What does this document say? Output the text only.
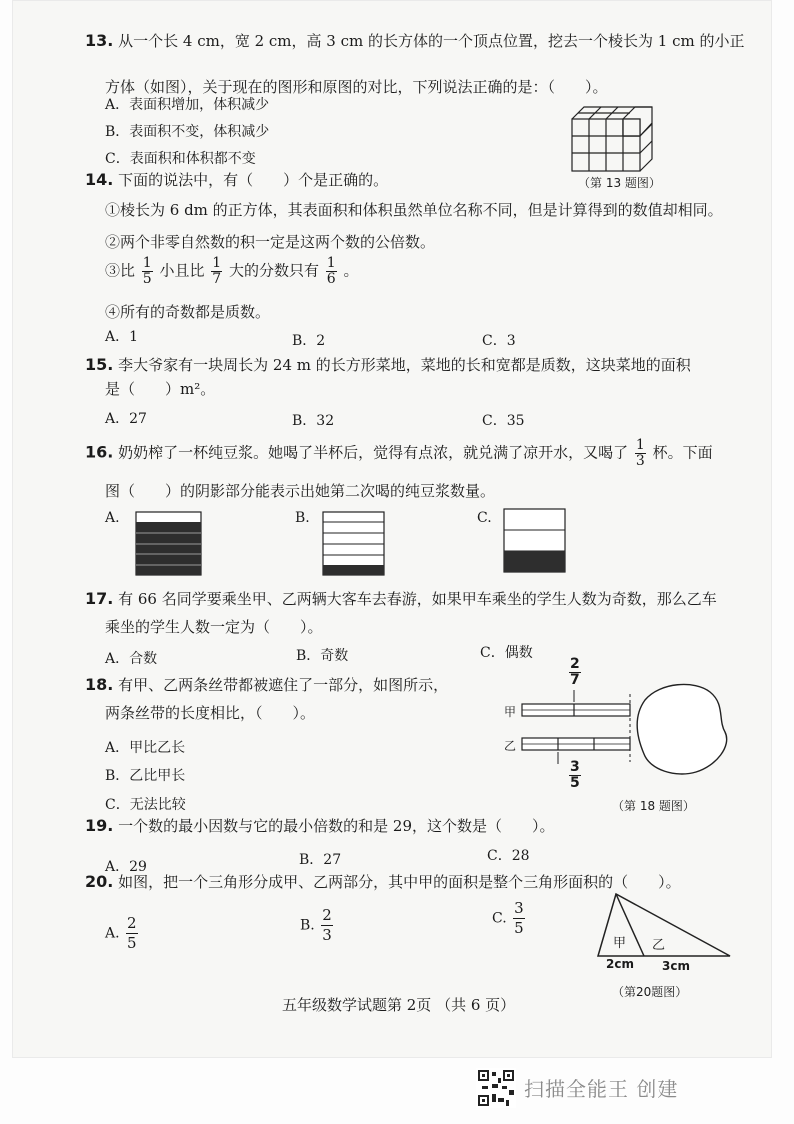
13. 从一个长 4 cm，宽 2 cm，高 3 cm 的长方体的一个顶点位置，挖去一个棱长为 1 cm 的小正
方体（如图），关于现在的图形和原图的对比，下列说法正确的是：（　　）。
A．表面积增加，体积减少
B．表面积不变，体积减少
C．表面积和体积都不变
（第 13 题图）
14. 下面的说法中，有（　　）个是正确的。
①棱长为 6 dm 的正方体，其表面积和体积虽然单位名称不同，但是计算得到的数值却相同。
②两个非零自然数的积一定是这两个数的公倍数。
③比 $\frac{1}{5}$ 小且比 $\frac{1}{7}$ 大的分数只有 $\frac{1}{6}$ 。
④所有的奇数都是质数。
A．1	B．2	C．3
15. 李大爷家有一块周长为 24 m 的长方形菜地，菜地的长和宽都是质数，这块菜地的面积
是（　　）m²。
A．27	B．32	C．35
16. 奶奶榨了一杯纯豆浆。她喝了半杯后，觉得有点浓，就兑满了凉开水，又喝了 $\frac{1}{3}$ 杯。下面
图（　　）的阴影部分能表示出她第二次喝的纯豆浆数量。
A.	B.	C.
17. 有 66 名同学要乘坐甲、乙两辆大客车去春游，如果甲车乘坐的学生人数为奇数，那么乙车
乘坐的学生人数一定为（　　）。
A．合数	B．奇数	C．偶数
18. 有甲、乙两条丝带都被遮住了一部分，如图所示，
两条丝带的长度相比，（　　）。
A．甲比乙长
B．乙比甲长
C．无法比较
$\frac{2}{7}$
甲
乙
$\frac{3}{5}$
（第 18 题图）
19. 一个数的最小因数与它的最小倍数的和是 29，这个数是（　　）。
A．29	B．27	C．28
20. 如图，把一个三角形分成甲、乙两部分，其中甲的面积是整个三角形面积的（　　）。
A. $\frac{2}{5}$	B. $\frac{2}{3}$	C. $\frac{3}{5}$
甲 乙
2cm 3cm
（第20题图）
五年级数学试题第 2页 （共 6 页）
扫描全能王 创建
